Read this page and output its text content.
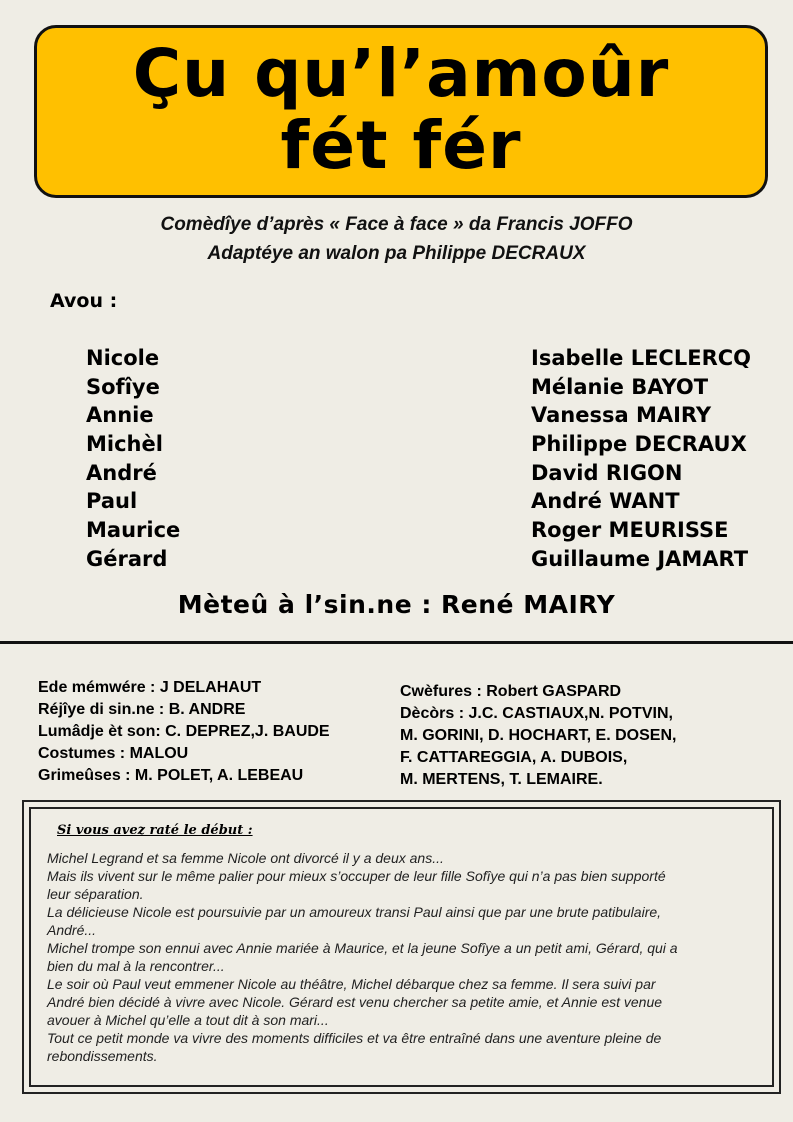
Çu qu’l’amoûr
fét fér
Comèdîye d’après « Face à face » da Francis JOFFO
Adaptéye an walon pa Philippe DECRAUX
Avou :
Nicole
Sofîye
Annie
Michèl
André
Paul
Maurice
Gérard
Isabelle LECLERCQ
Mélanie BAYOT
Vanessa MAIRY
Philippe DECRAUX
David RIGON
André WANT
Roger MEURISSE
Guillaume JAMART
Mèteû à l’sin.ne : René MAIRY
Ede mémwére : J DELAHAUT
Réjîye di sin.ne : B. ANDRE
Lumâdje èt son: C. DEPREZ,J. BAUDE
Costumes : MALOU
Grimeûses : M. POLET, A. LEBEAU
Cwèfures : Robert GASPARD
Dècòrs : J.C. CASTIAUX,N. POTVIN,
M. GORINI, D. HOCHART, E. DOSEN,
F. CATTAREGGIA, A. DUBOIS,
M. MERTENS, T. LEMAIRE.
Si vous avez raté le début :

Michel Legrand et sa femme Nicole ont divorcé il y a deux ans...

Mais ils vivent sur le même palier pour mieux s’occuper de leur fille Sofîye qui n’a pas bien supporté

leur séparation.

La délicieuse Nicole est poursuivie par un amoureux transi Paul ainsi que par une brute patibulaire,

André...

Michel trompe son ennui avec Annie mariée à Maurice, et la jeune Sofîye a un petit ami, Gérard, qui a

bien du mal à la rencontrer...

Le soir où Paul veut emmener Nicole au théâtre, Michel débarque chez sa femme. Il sera suivi par

André bien décidé à vivre avec Nicole. Gérard est venu chercher sa petite amie, et Annie est venue

avouer à Michel qu’elle a tout dit à son mari...

Tout ce petit monde va vivre des moments difficiles et va être entraîné dans une aventure pleine de

rebondissements.
